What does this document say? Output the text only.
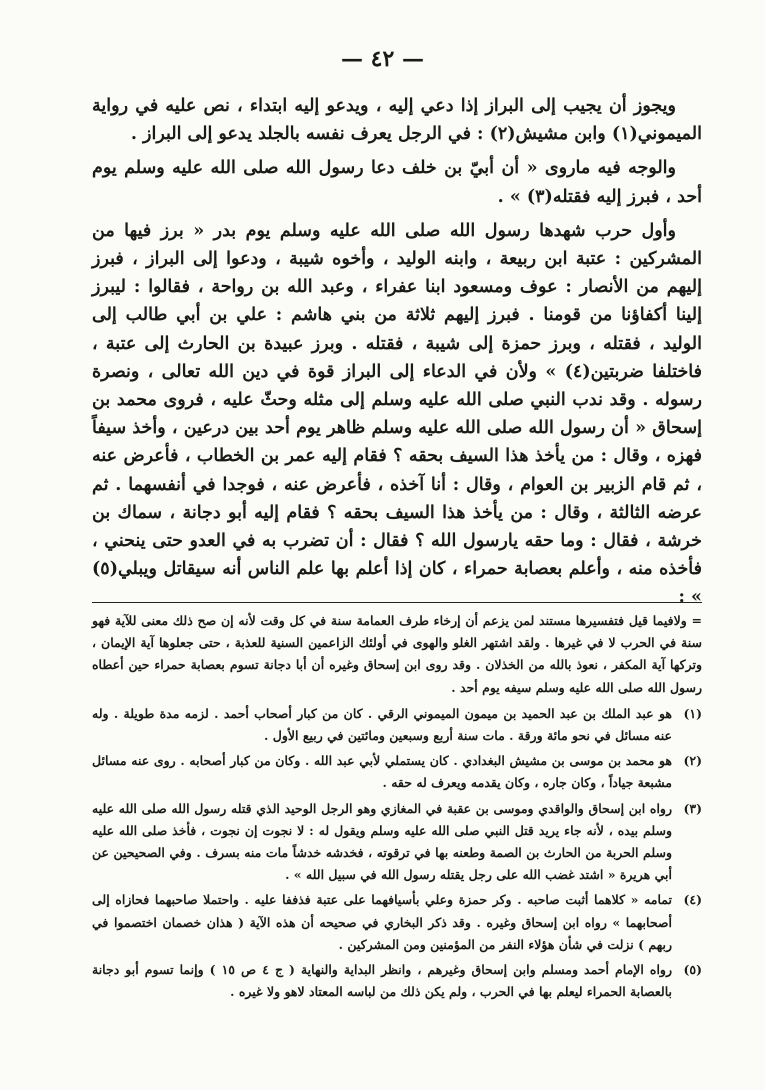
— ٤٢ —

ويجوز أن يجيب إلى البراز إذا دعي إليه ، ويدعو إليه ابتداء ، نص عليه في رواية الميموني(١) وابن مشيش(٢) : في الرجل يعرف نفسه بالجلد يدعو إلى البراز .

والوجه فيه ماروى « أن أبيّ بن خلف دعا رسول الله صلى الله عليه وسلم يوم أحد ، فبرز إليه فقتله(٣) » .

وأول حرب شهدها رسول الله صلى الله عليه وسلم يوم بدر « برز فيها من المشركين : عتبة ابن ربيعة ، وابنه الوليد ، وأخوه شيبة ، ودعوا إلى البراز ، فبرز إليهم من الأنصار : عوف ومسعود ابنا عفراء ، وعبد الله بن رواحة ، فقالوا : ليبرز إلينا أكفاؤنا من قومنا . فبرز إليهم ثلاثة من بني هاشم : علي بن أبي طالب إلى الوليد ، فقتله ، وبرز حمزة إلى شيبة ، فقتله . وبرز عبيدة بن الحارث إلى عتبة ، فاختلفا ضربتين(٤) » ولأن في الدعاء إلى البراز قوة في دين الله تعالى ، ونصرة رسوله . وقد ندب النبي صلى الله عليه وسلم إلى مثله وحثّ عليه ، فروى محمد بن إسحاق « أن رسول الله صلى الله عليه وسلم ظاهر يوم أحد بين درعين ، وأخذ سيفاً فهزه ، وقال : من يأخذ هذا السيف بحقه ؟ فقام إليه عمر بن الخطاب ، فأعرض عنه ، ثم قام الزبير بن العوام ، وقال : أنا آخذه ، فأعرض عنه ، فوجدا في أنفسهما . ثم عرضه الثالثة ، وقال : من يأخذ هذا السيف بحقه ؟ فقام إليه أبو دجانة ، سماك بن خرشة ، فقال : وما حقه يارسول الله ؟ فقال : أن تضرب به في العدو حتى ينحني ، فأخذه منه ، وأعلم بعصابة حمراء ، كان إذا أعلم بها علم الناس أنه سيقاتل ويبلي(٥) » :

= ولافيما قيل فتفسيرها مستند لمن يزعم أن إرخاء طرف العمامة سنة في كل وقت لأنه إن صح ذلك معنى للآية فهو سنة في الحرب لا في غيرها . ولقد اشتهر الغلو والهوى في أولئك الزاعمين السنية للعذبة ، حتى جعلوها آية الإيمان ، وتركها آية المكفر ، نعوذ بالله من الخذلان . وقد روى ابن إسحاق وغيره أن أبا دجانة تسوم بعصابة حمراء حين أعطاه رسول الله صلى الله عليه وسلم سيفه يوم أحد .
(١)
هو عبد الملك بن عبد الحميد بن ميمون الميموني الرقي . كان من كبار أصحاب أحمد . لزمه مدة طويلة . وله عنه مسائل في نحو مائة ورقة . مات سنة أربع وسبعين ومائتين في ربيع الأول .
(٢)
هو محمد بن موسى بن مشيش البغدادي . كان يستملي لأبي عبد الله . وكان من كبار أصحابه . روى عنه مسائل مشبعة جياداً ، وكان جاره ، وكان يقدمه ويعرف له حقه .
(٣)
رواه ابن إسحاق والواقدي وموسى بن عقبة في المغازي وهو الرجل الوحيد الذي قتله رسول الله صلى الله عليه وسلم بيده ، لأنه جاء يريد قتل النبي صلى الله عليه وسلم ويقول له : لا نجوت إن نجوت ، فأخذ صلى الله عليه وسلم الحربة من الحارث بن الصمة وطعنه بها في ترقوته ، فخدشه خدشاً مات منه بسرف . وفي الصحيحين عن أبي هريرة « اشتد غضب الله على رجل يقتله رسول الله في سبيل الله » .
(٤)
تمامه « كلاهما أثبت صاحبه . وكر حمزة وعلي بأسيافهما على عتبة فذففا عليه . واحتملا صاحبهما فحازاه إلى أصحابهما » رواه ابن إسحاق وغيره . وقد ذكر البخاري في صحيحه أن هذه الآية ( هذان خصمان اختصموا في ربهم ) نزلت في شأن هؤلاء النفر من المؤمنين ومن المشركين .
(٥)
رواه الإمام أحمد ومسلم وابن إسحاق وغيرهم ، وانظر البداية والنهاية ( ج ٤ ص ١٥ ) وإنما تسوم أبو دجانة بالعصابة الحمراء ليعلم بها في الحرب ، ولم يكن ذلك من لباسه المعتاد لاهو ولا غيره .
